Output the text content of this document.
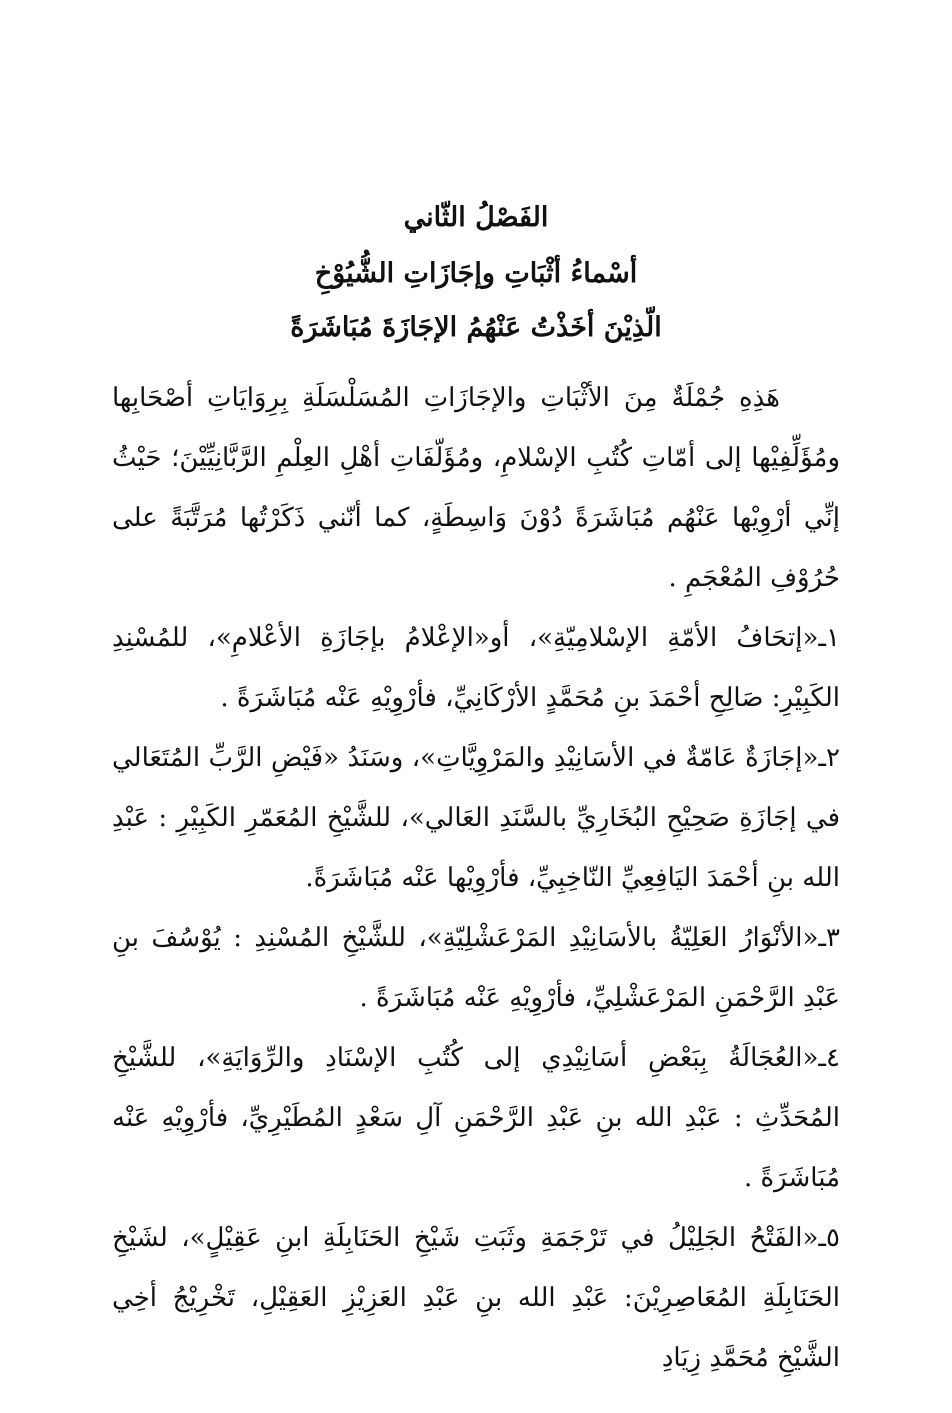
الفَصْلُ الثّاني
أسْماءُ أثْبَاتِ وإجَازَاتِ الشُّيُوْخِ
الّذِيْنَ أخَذْتُ عَنْهُمُ الإجَازَةَ مُبَاشَرَةً

هَذِهِ جُمْلَةٌ مِنَ الأثْبَاتِ والإجَازَاتِ المُسَلْسَلَةِ بِرِوَايَاتِ أصْحَابِها ومُؤَلِّفِيْها إلى أمّاتِ كُتُبِ الإسْلامِ، ومُؤَلّفَاتِ أهْلِ العِلْمِ الرَّبَّانِيِّيْنَ؛ حَيْثُ إنِّي أرْوِيْها عَنْهُم مُبَاشَرَةً دُوْنَ وَاسِطَةٍ، كما أنّني ذَكَرْتُها مُرَتَّبَةً على حُرُوْفِ المُعْجَمِ .

١ـ«إتحَافُ الأمّةِ الإسْلامِيّةِ»، أو«الإعْلامُ بإجَازَةِ الأعْلامِ»، للمُسْنِدِ الكَبِيْرِ: صَالِحِ أحْمَدَ بنِ مُحَمَّدٍ الأرْكَانِيِّ، فأرْوِيْهِ عَنْه مُبَاشَرَةً .

٢ـ«إجَازَةٌ عَامّةٌ في الأسَانِيْدِ والمَرْوِيَّاتِ»، وسَنَدُ «فَيْضِ الرَّبِّ المُتَعَالي في إجَازَةِ صَحِيْحِ البُخَارِيِّ بالسَّنَدِ العَالي»، للشَّيْخِ المُعَمّرِ الكَبِيْرِ : عَبْدِ الله بنِ أحْمَدَ اليَافِعِيِّ النّاخِبِيِّ، فأرْوِيْها عَنْه مُبَاشَرَةً.

٣ـ«الأنْوَارُ العَلِيّةُ بالأسَانِيْدِ المَرْعَشْلِيّةِ»، للشَّيْخِ المُسْنِدِ : يُوْسُفَ بنِ عَبْدِ الرَّحْمَنِ المَرْعَشْلِيِّ، فأرْوِيْهِ عَنْه مُبَاشَرَةً .

٤ـ«العُجَالَةُ بِبَعْضِ أسَانِيْدِي إلى كُتُبِ الإسْنَادِ والرِّوَايَةِ»، للشَّيْخِ المُحَدِّثِ : عَبْدِ الله بنِ عَبْدِ الرَّحْمَنِ آلِ سَعْدٍ المُطَيْرِيِّ، فأرْوِيْهِ عَنْه مُبَاشَرَةً .

٥ـ«الفَتْحُ الجَلِيْلُ في تَرْجَمَةِ وثَبَتِ شَيْخِ الحَنَابِلَةِ ابنِ عَقِيْلٍ»، لشَيْخِ الحَنَابِلَةِ المُعَاصِرِيْنَ: عَبْدِ الله بنِ عَبْدِ العَزِيْزِ العَقِيْلِ، تَخْرِيْجُ أخِي الشَّيْخِ مُحَمَّدِ زِيَادِ
